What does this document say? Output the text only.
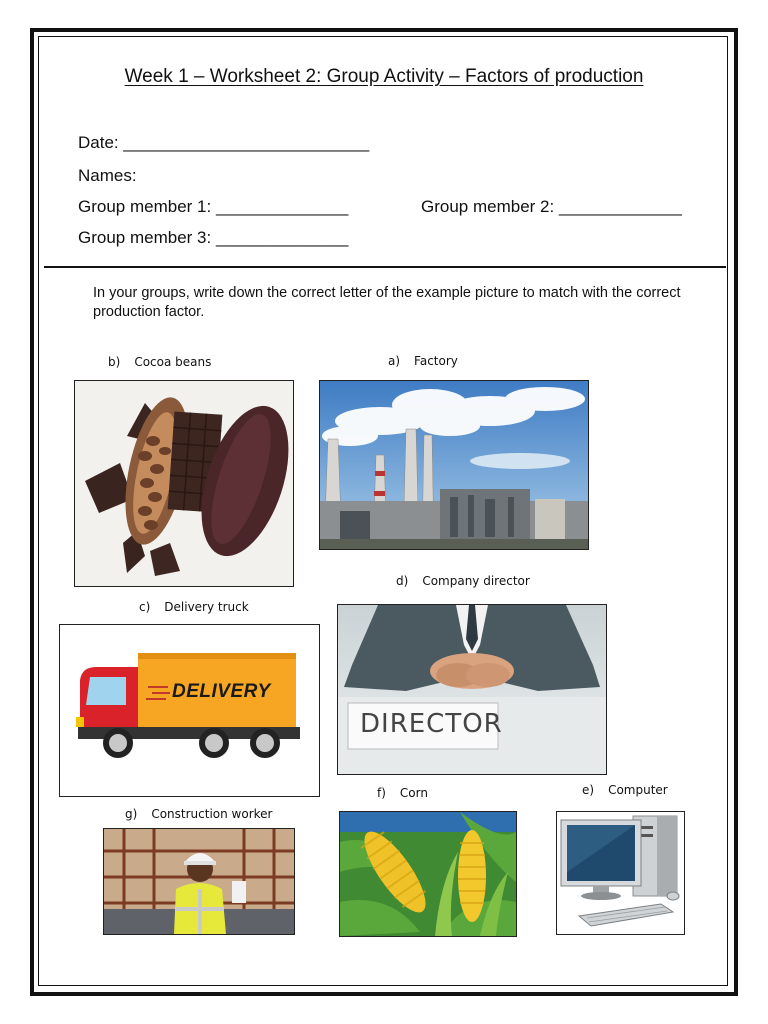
Week 1 – Worksheet 2: Group Activity – Factors of production
Date: __________________________
Names:
Group member 1: ______________	Group member 2: _____________
Group member 3: ______________
In your groups, write down the correct letter of the example picture to match with the correct production factor.
b) Cocoa beans	a) Factory
c) Delivery truck
d) Company director
g) Construction worker
f) Corn	e) Computer
DELIVERY
DIRECTOR
